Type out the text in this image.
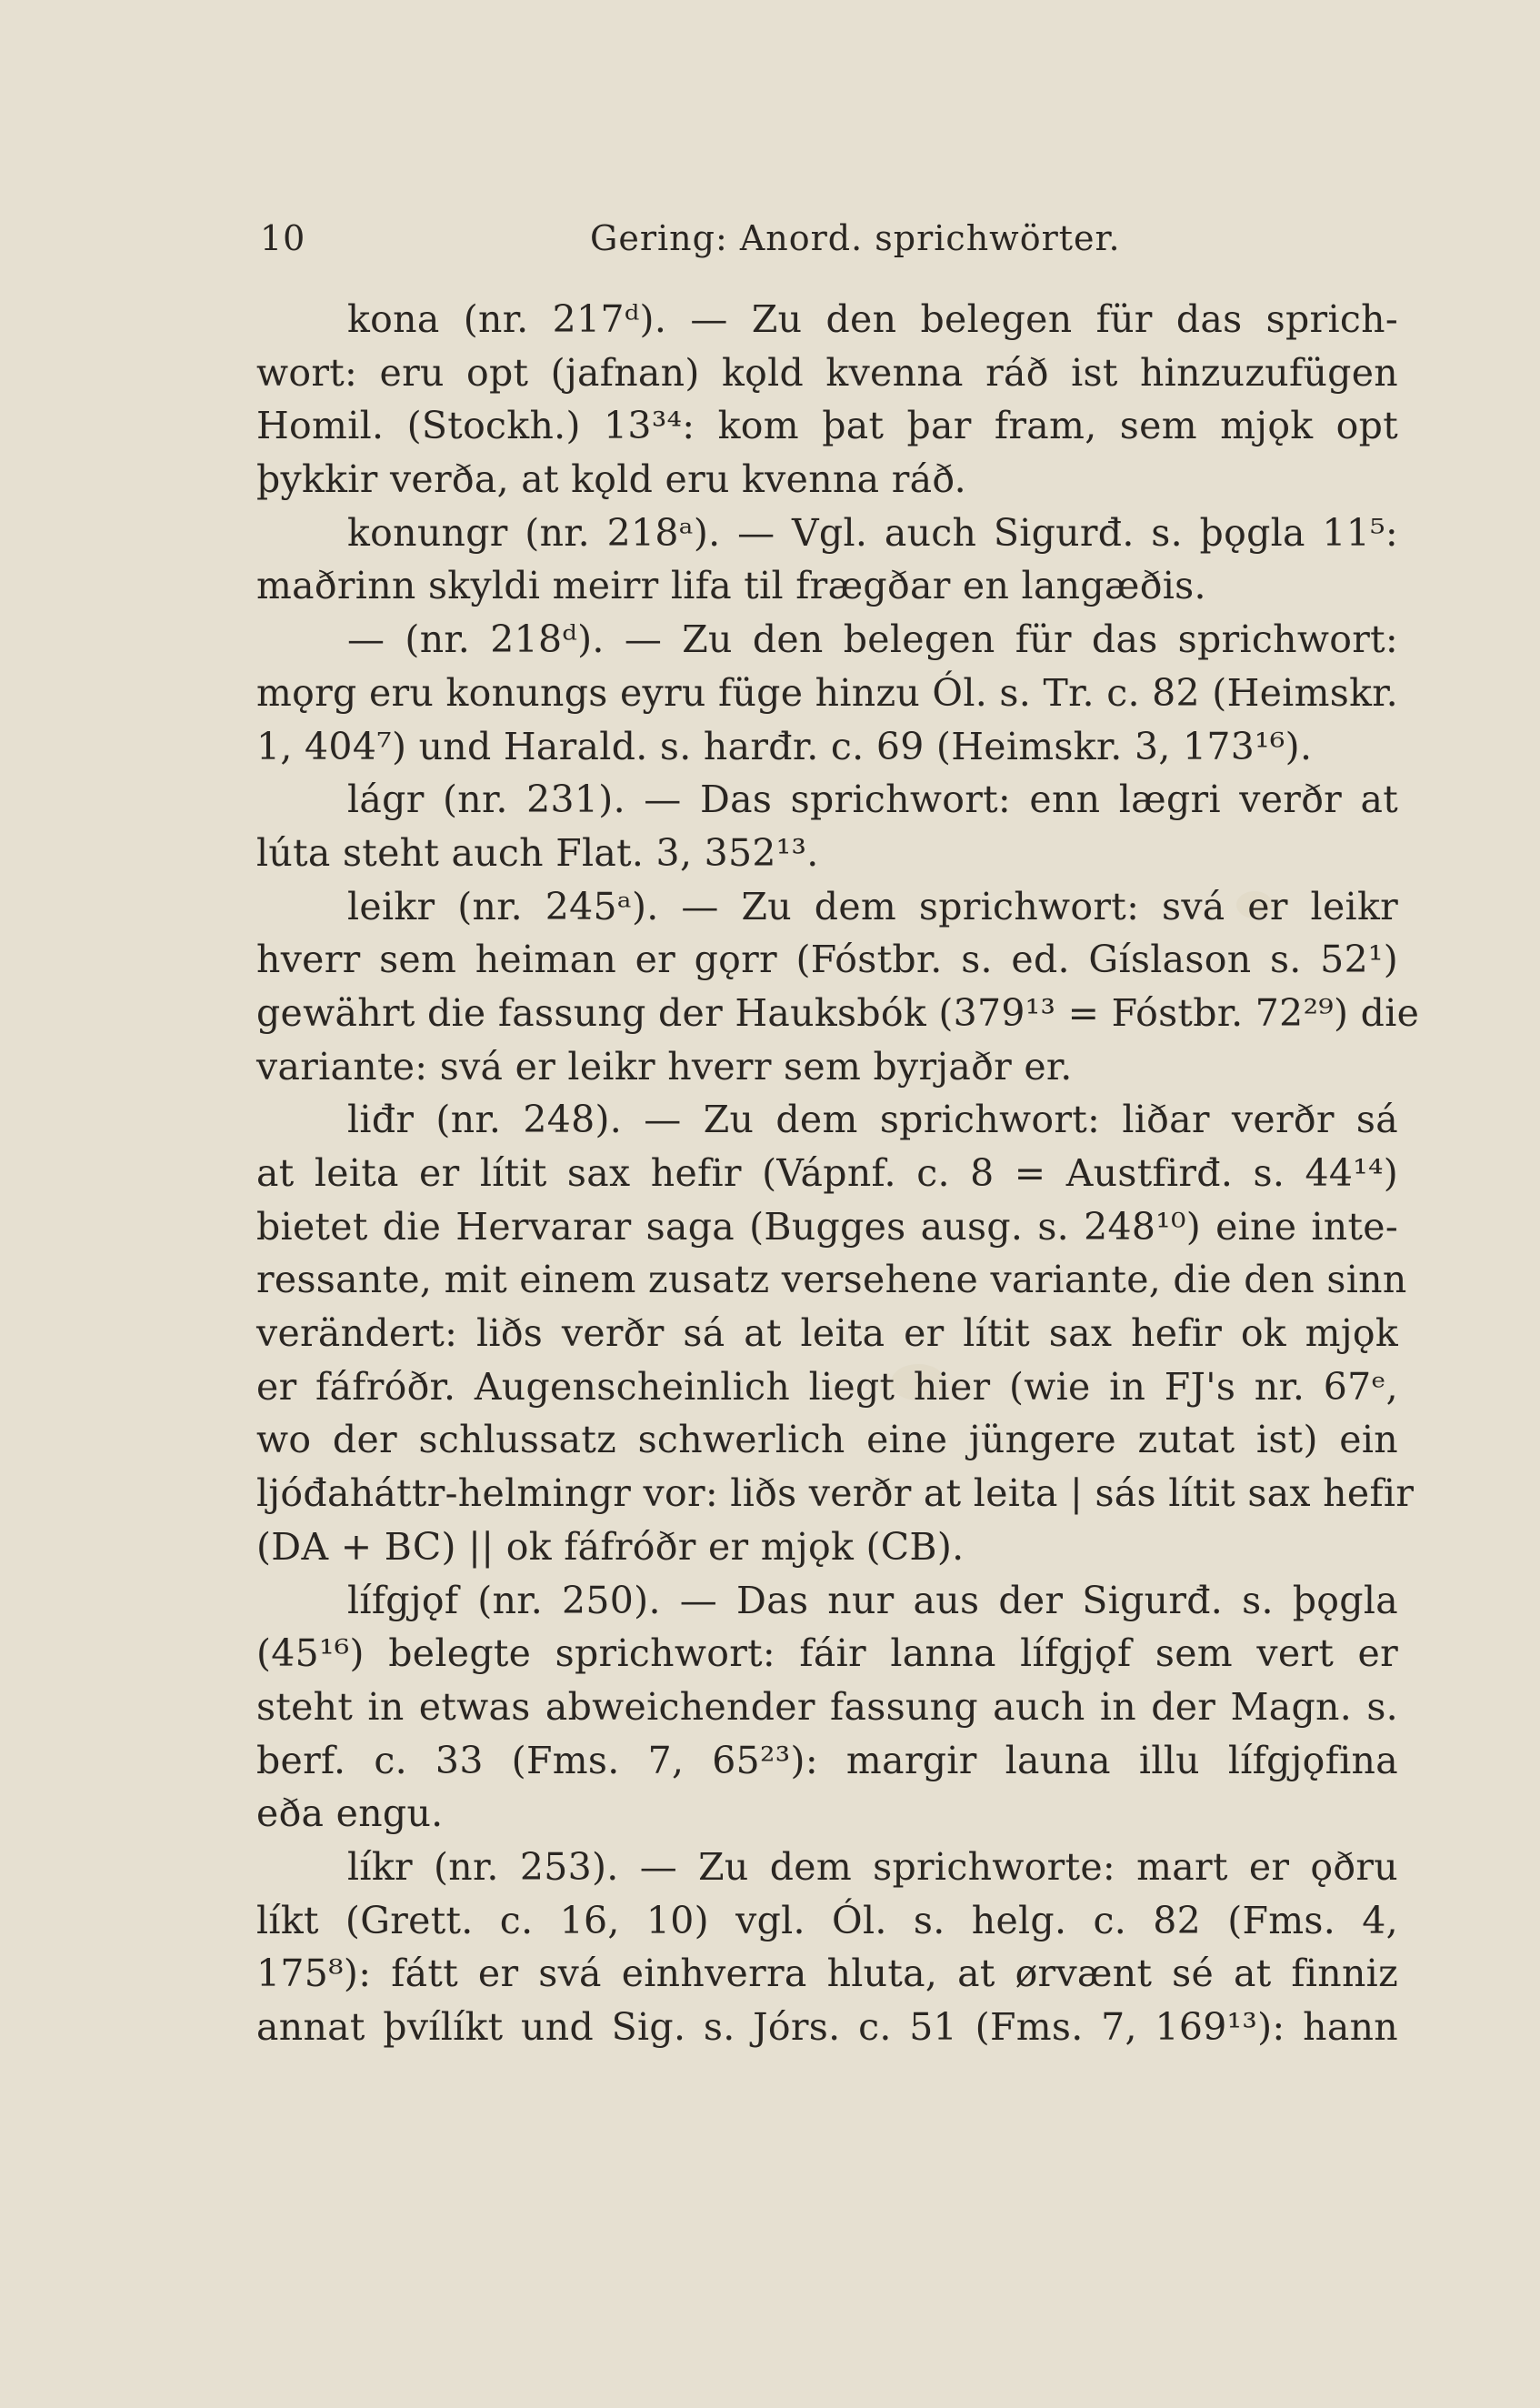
10	Gering: Anord. sprichwörter.
kona (nr. 217ᵈ). — Zu den belegen für das sprich-
wort: eru opt (jafnan) kǫld kvenna ráð ist hinzuzufügen
Homil. (Stockh.) 13³⁴: kom þat þar fram, sem mjǫk opt
þykkir verða, at kǫld eru kvenna ráð.
konungr (nr. 218ᵃ). — Vgl. auch Sigurđ. s. þǫgla 11⁵:
maðrinn skyldi meirr lifa til frægðar en langæðis.
— (nr. 218ᵈ). — Zu den belegen für das sprichwort:
mǫrg eru konungs eyru füge hinzu Ól. s. Tr. c. 82 (Heimskr.
1, 404⁷) und Harald. s. harđr. c. 69 (Heimskr. 3, 173¹⁶).
lágr (nr. 231). — Das sprichwort: enn lægri verðr at
lúta steht auch Flat. 3, 352¹³.
leikr (nr. 245ᵃ). — Zu dem sprichwort: svá er leikr
hverr sem heiman er gǫrr (Fóstbr. s. ed. Gíslason s. 52¹)
gewährt die fassung der Hauksbók (379¹³ = Fóstbr. 72²⁹) die
variante: svá er leikr hverr sem byrjaðr er.
liđr (nr. 248). — Zu dem sprichwort: liðar verðr sá
at leita er lítit sax hefir (Vápnf. c. 8 = Austfirđ. s. 44¹⁴)
bietet die Hervarar saga (Bugges ausg. s. 248¹⁰) eine inte-
ressante, mit einem zusatz versehene variante, die den sinn
verändert: liðs verðr sá at leita er lítit sax hefir ok mjǫk
er fáfróðr. Augenscheinlich liegt hier (wie in FJ's nr. 67ᵉ,
wo der schlussatz schwerlich eine jüngere zutat ist) ein
ljóđaháttr-helmingr vor: liðs verðr at leita | sás lítit sax hefir
(DA + BC) || ok fáfróðr er mjǫk (CB).
lífgjǫf (nr. 250). — Das nur aus der Sigurđ. s. þǫgla
(45¹⁶) belegte sprichwort: fáir lanna lífgjǫf sem vert er
steht in etwas abweichender fassung auch in der Magn. s.
berf. c. 33 (Fms. 7, 65²³): margir launa illu lífgjǫfina
eða engu.
líkr (nr. 253). — Zu dem sprichworte: mart er ǫðru
líkt (Grett. c. 16, 10) vgl. Ól. s. helg. c. 82 (Fms. 4,
175⁸): fátt er svá einhverra hluta, at ørvænt sé at finniz
annat þvílíkt und Sig. s. Jórs. c. 51 (Fms. 7, 169¹³): hann
